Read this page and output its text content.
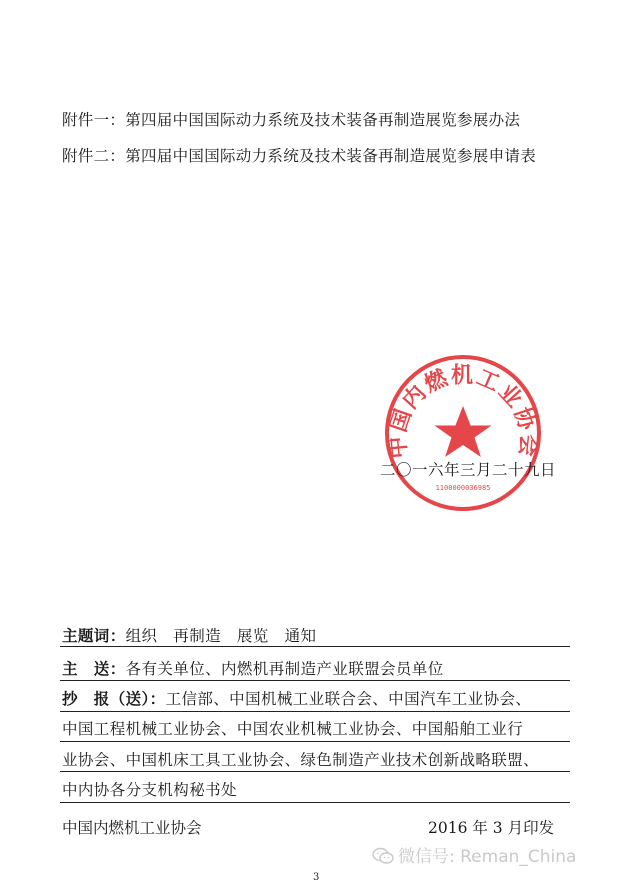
附件一：第四届中国国际动力系统及技术装备再制造展览参展办法
附件二：第四届中国国际动力系统及技术装备再制造展览参展申请表
中国内燃机工业协会
1100000036985
二〇一六年三月二十九日
主题词：组织　再制造　展览　通知
主　送：各有关单位、内燃机再制造产业联盟会员单位
抄　报（送）：工信部、中国机械工业联合会、中国汽车工业协会、
中国工程机械工业协会、中国农业机械工业协会、中国船舶工业行
业协会、中国机床工具工业协会、绿色制造产业技术创新战略联盟、
中内协各分支机构秘书处
中国内燃机工业协会	2016 年 3 月印发
微信号: Reman_China
3
